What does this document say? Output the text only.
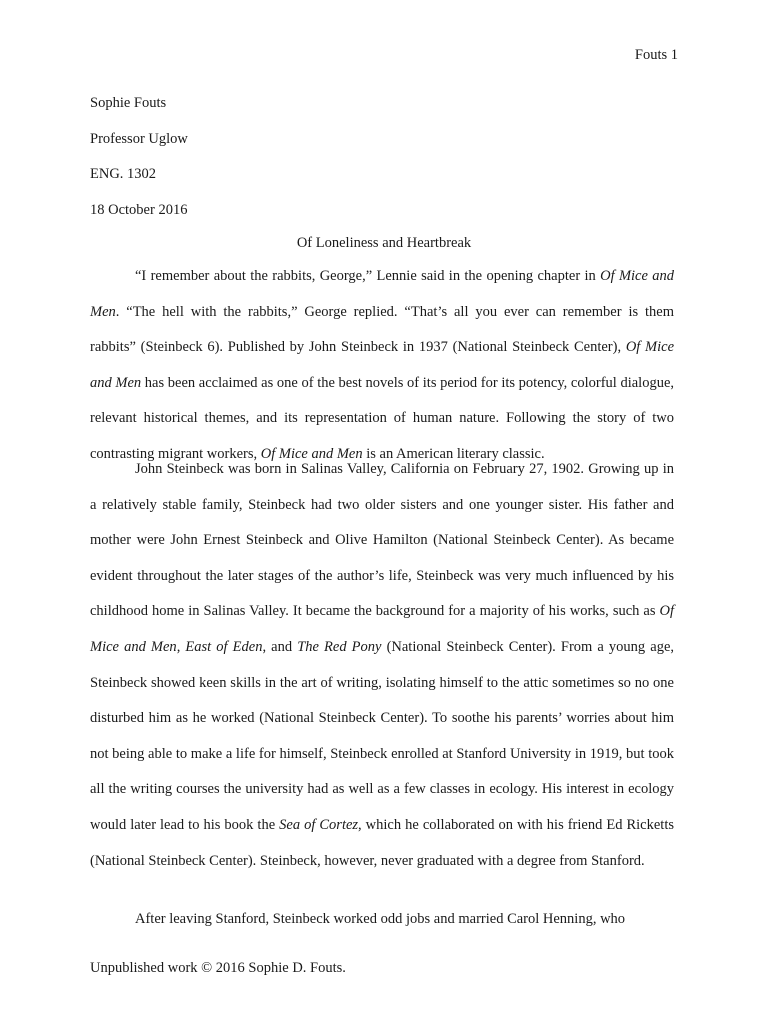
Fouts 1
Sophie Fouts
Professor Uglow
ENG. 1302
18 October 2016
Of Loneliness and Heartbreak

“I remember about the rabbits, George,” Lennie said in the opening chapter in Of Mice and Men. “The hell with the rabbits,” George replied. “That’s all you ever can remember is them rabbits” (Steinbeck 6). Published by John Steinbeck in 1937 (National Steinbeck Center), Of Mice and Men has been acclaimed as one of the best novels of its period for its potency, colorful dialogue, relevant historical themes, and its representation of human nature. Following the story of two contrasting migrant workers, Of Mice and Men is an American literary classic.

John Steinbeck was born in Salinas Valley, California on February 27, 1902. Growing up in a relatively stable family, Steinbeck had two older sisters and one younger sister. His father and mother were John Ernest Steinbeck and Olive Hamilton (National Steinbeck Center). As became evident throughout the later stages of the author’s life, Steinbeck was very much influenced by his childhood home in Salinas Valley. It became the background for a majority of his works, such as Of Mice and Men, East of Eden, and The Red Pony (National Steinbeck Center). From a young age, Steinbeck showed keen skills in the art of writing, isolating himself to the attic sometimes so no one disturbed him as he worked (National Steinbeck Center). To soothe his parents’ worries about him not being able to make a life for himself, Steinbeck enrolled at Stanford University in 1919, but took all the writing courses the university had as well as a few classes in ecology. His interest in ecology would later lead to his book the Sea of Cortez, which he collaborated on with his friend Ed Ricketts (National Steinbeck Center). Steinbeck, however, never graduated with a degree from Stanford.

After leaving Stanford, Steinbeck worked odd jobs and married Carol Henning, who
Unpublished work © 2016 Sophie D. Fouts.
